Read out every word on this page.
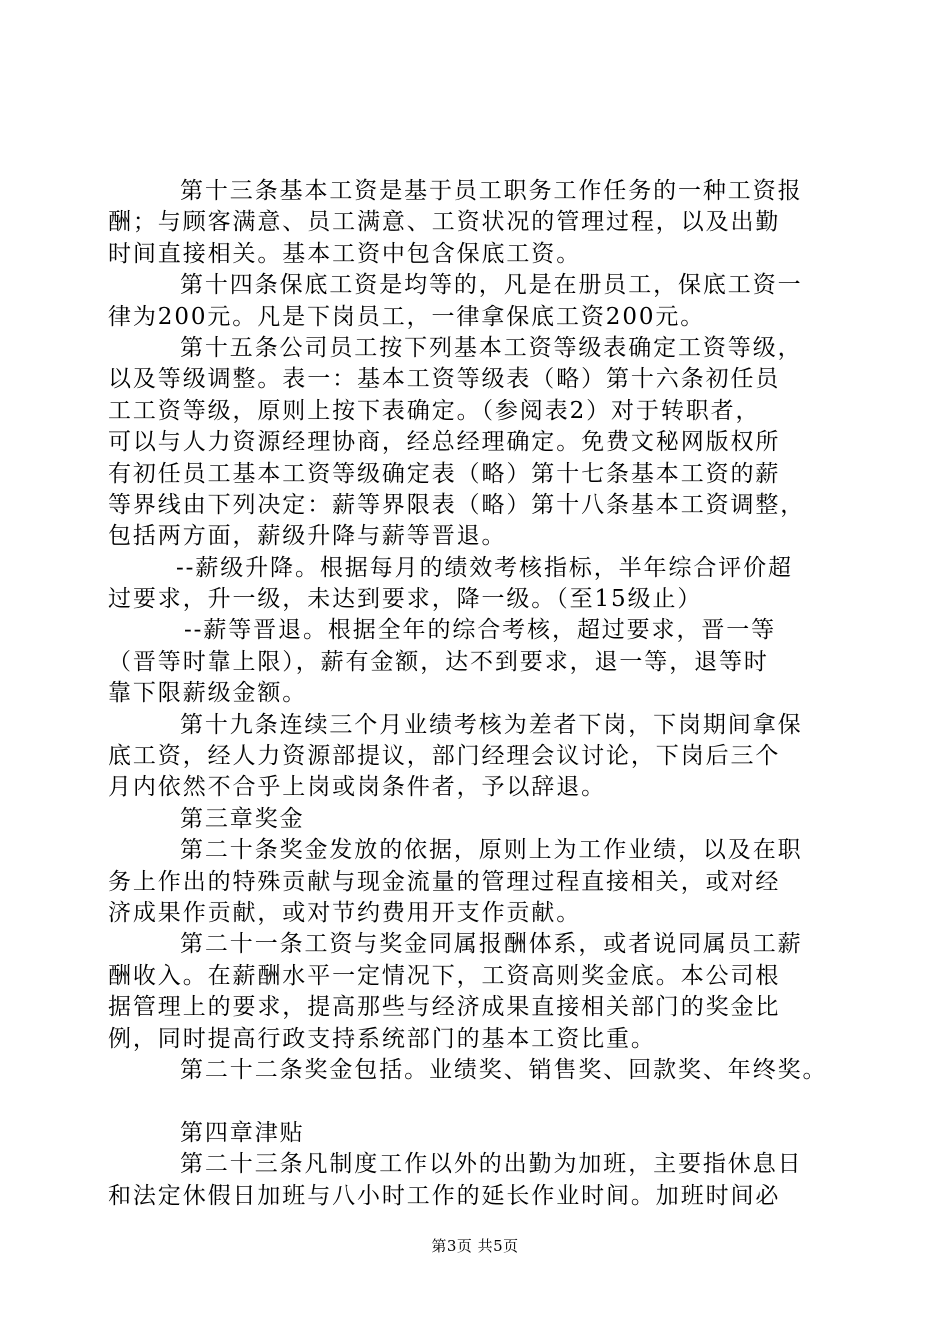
第十三条基本工资是基于员工职务工作任务的一种工资报
酬；与顾客满意、员工满意、工资状况的管理过程，以及出勤
时间直接相关。基本工资中包含保底工资。
第十四条保底工资是均等的，凡是在册员工，保底工资一
律为200元。凡是下岗员工，一律拿保底工资200元。
第十五条公司员工按下列基本工资等级表确定工资等级，
以及等级调整。表一：基本工资等级表（略）第十六条初任员
工工资等级，原则上按下表确定。（参阅表2）对于转职者，
可以与人力资源经理协商，经总经理确定。免费文秘网版权所
有初任员工基本工资等级确定表（略）第十七条基本工资的薪
等界线由下列决定：薪等界限表（略）第十八条基本工资调整，
包括两方面，薪级升降与薪等晋退。
--薪级升降。根据每月的绩效考核指标，半年综合评价超
过要求，升一级，未达到要求，降一级。（至15级止）
--薪等晋退。根据全年的综合考核，超过要求，晋一等
（晋等时靠上限），薪有金额，达不到要求，退一等，退等时
靠下限薪级金额。
第十九条连续三个月业绩考核为差者下岗，下岗期间拿保
底工资，经人力资源部提议，部门经理会议讨论，下岗后三个
月内依然不合乎上岗或岗条件者，予以辞退。
第三章奖金
第二十条奖金发放的依据，原则上为工作业绩，以及在职
务上作出的特殊贡献与现金流量的管理过程直接相关，或对经
济成果作贡献，或对节约费用开支作贡献。
第二十一条工资与奖金同属报酬体系，或者说同属员工薪
酬收入。在薪酬水平一定情况下，工资高则奖金底。本公司根
据管理上的要求，提高那些与经济成果直接相关部门的奖金比
例，同时提高行政支持系统部门的基本工资比重。
第二十二条奖金包括。业绩奖、销售奖、回款奖、年终奖。
第四章津贴
第二十三条凡制度工作以外的出勤为加班，主要指休息日
和法定休假日加班与八小时工作的延长作业时间。加班时间必
第3页 共5页
